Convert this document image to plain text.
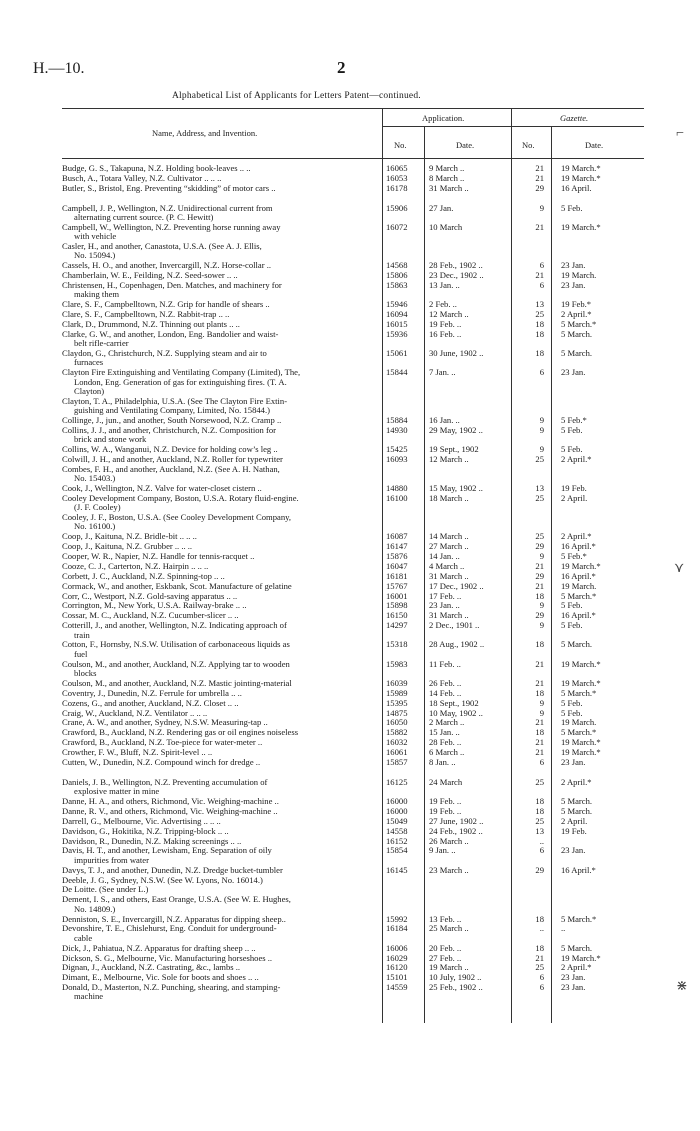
H.—10.	2
Alphabetical List of Applicants for Letters Patent—continued.
Name, Address, and Invention.
Application.	Gazette.
No.	Date.	No.	Date.
Budge, G. S., Takapuna, N.Z. Holding book-leaves .. ..	16065	9 March ..	21 19 March.*
Busch, A., Totara Valley, N.Z. Cultivator .. .. ..	16053	8 March ..	21 19 March.*
Butler, S., Bristol, Eng. Preventing “skidding” of motor cars ..	16178	31 March ..	29 16 April.
Campbell, J. P., Wellington, N.Z. Unidirectional current from
alternating current source. (P. C. Hewitt)
15906	27 Jan.	9 5 Feb.
Campbell, W., Wellington, N.Z. Preventing horse running away
with vehicle
16072	10 March	21 19 March.*
Casler, H., and another, Canastota, U.S.A. (See A. J. Ellis,
No. 15094.)
Cassels, H. O., and another, Invercargill, N.Z. Horse-collar ..	14568	28 Feb., 1902 ..	6 23 Jan.
Chamberlain, W. E., Feilding, N.Z. Seed-sower .. ..	15806	23 Dec., 1902 ..	21 19 March.
Christensen, H., Copenhagen, Den. Matches, and machinery for
making them
15863	13 Jan. ..	6 23 Jan.
Clare, S. F., Campbelltown, N.Z. Grip for handle of shears ..	15946	2 Feb. ..	13 19 Feb.*
Clare, S. F., Campbelltown, N.Z. Rabbit-trap .. ..	16094	12 March ..	25 2 April.*
Clark, D., Drummond, N.Z. Thinning out plants .. ..	16015	19 Feb. ..	18 5 March.*
Clarke, G. W., and another, London, Eng. Bandolier and waist-
belt rifle-carrier
15936	16 Feb. ..	18 5 March.
Claydon, G., Christchurch, N.Z. Supplying steam and air to
furnaces
15061	30 June, 1902 ..	18 5 March.
Clayton Fire Extinguishing and Ventilating Company (Limited), The,
London, Eng. Generation of gas for extinguishing fires. (T. A.
Clayton)
15844	7 Jan. ..	6 23 Jan.
Clayton, T. A., Philadelphia, U.S.A. (See The Clayton Fire Extin-
guishing and Ventilating Company, Limited, No. 15844.)
Collinge, J., jun., and another, South Norsewood, N.Z. Cramp ..	15884	16 Jan. ..	9 5 Feb.*
Collins, J. J., and another, Christchurch, N.Z. Composition for
brick and stone work
14930	29 May, 1902 ..	9 5 Feb.
Collins, W. A., Wanganui, N.Z. Device for holding cow’s leg ..	15425	19 Sept., 1902	9 5 Feb.
Colwill, J. H., and another, Auckland, N.Z. Roller for typewriter	16093	12 March ..	25 2 April.*
Combes, F. H., and another, Auckland, N.Z. (See A. H. Nathan,
No. 15403.)
Cook, J., Wellington, N.Z. Valve for water-closet cistern ..	14880	15 May, 1902 ..	13 19 Feb.
Cooley Development Company, Boston, U.S.A. Rotary fluid-engine.
(J. F. Cooley)
16100	18 March ..	25 2 April.
Cooley, J. F., Boston, U.S.A. (See Cooley Development Company,
No. 16100.)
Coop, J., Kaituna, N.Z. Bridle-bit .. .. ..	16087	14 March ..	25 2 April.*
Coop, J., Kaituna, N.Z. Grubber .. .. ..	16147	27 March ..	29 16 April.*
Cooper, W. R., Napier, N.Z. Handle for tennis-racquet ..	15876	14 Jan. ..	9 5 Feb.*
Cooze, C. J., Carterton, N.Z. Hairpin .. .. ..	16047	4 March ..	21 19 March.*
Corbett, J. C., Auckland, N.Z. Spinning-top .. ..	16181	31 March ..	29 16 April.*
Cormack, W., and another, Eskbank, Scot. Manufacture of gelatine	15767	17 Dec., 1902 ..	21 19 March.
Corr, C., Westport, N.Z. Gold-saving apparatus .. ..	16001	17 Feb. ..	18 5 March.*
Corrington, M., New York, U.S.A. Railway-brake .. ..	15898	23 Jan. ..	9 5 Feb.
Cossar, M. C., Auckland, N.Z. Cucumber-slicer .. ..	16150	31 March ..	29 16 April.*
Cotterill, J., and another, Wellington, N.Z. Indicating approach of
train
14297	2 Dec., 1901 ..	9 5 Feb.
Cotton, F., Hornsby, N.S.W. Utilisation of carbonaceous liquids as
fuel
15318	28 Aug., 1902 ..	18 5 March.
Coulson, M., and another, Auckland, N.Z. Applying tar to wooden
blocks
15983	11 Feb. ..	21 19 March.*
Coulson, M., and another, Auckland, N.Z. Mastic jointing-material	16039	26 Feb. ..	21 19 March.*
Coventry, J., Dunedin, N.Z. Ferrule for umbrella .. ..	15989	14 Feb. ..	18 5 March.*
Cozens, G., and another, Auckland, N.Z. Closet .. ..	15395	18 Sept., 1902	9 5 Feb.
Craig, W., Auckland, N.Z. Ventilator .. .. ..	14875	10 May, 1902 ..	9 5 Feb.
Crane, A. W., and another, Sydney, N.S.W. Measuring-tap ..	16050	2 March ..	21 19 March.
Crawford, B., Auckland, N.Z. Rendering gas or oil engines noiseless	15882	15 Jan. ..	18 5 March.*
Crawford, B., Auckland, N.Z. Toe-piece for water-meter ..	16032	28 Feb. ..	21 19 March.*
Crowther, F. W., Bluff, N.Z. Spirit-level .. ..	16061	6 March ..	21 19 March.*
Cutten, W., Dunedin, N.Z. Compound winch for dredge ..	15857	8 Jan. ..	6 23 Jan.
Daniels, J. B., Wellington, N.Z. Preventing accumulation of
explosive matter in mine
16125	24 March	25 2 April.*
Danne, H. A., and others, Richmond, Vic. Weighing-machine ..	16000	19 Feb. ..	18 5 March.
Danne, R. V., and others, Richmond, Vic. Weighing-machine ..	16000	19 Feb. ..	18 5 March.
Darrell, G., Melbourne, Vic. Advertising .. .. ..	15049	27 June, 1902 ..	25 2 April.
Davidson, G., Hokitika, N.Z. Tripping-block .. ..	14558	24 Feb., 1902 ..	13 19 Feb.
Davidson, R., Dunedin, N.Z. Making screenings .. ..	16152	26 March ..	..
Davis, H. T., and another, Lewisham, Eng. Separation of oily
impurities from water
15854	9 Jan. ..	6 23 Jan.
Davys, T. J., and another, Dunedin, N.Z. Dredge bucket-tumbler	16145	23 March ..	29 16 April.*
Deeble, J. G., Sydney, N.S.W. (See W. Lyons, No. 16014.)
De Loitte. (See under L.)
Dement, I. S., and others, East Orange, U.S.A. (See W. E. Hughes,
No. 14809.)
Denniston, S. E., Invercargill, N.Z. Apparatus for dipping sheep..	15992	13 Feb. ..	18 5 March.*
Devonshire, T. E., Chislehurst, Eng. Conduit for underground-
cable
16184	25 March ..	.. ..
Dick, J., Pahiatua, N.Z. Apparatus for drafting sheep .. ..	16006	20 Feb. ..	18 5 March.
Dickson, S. G., Melbourne, Vic. Manufacturing horseshoes ..	16029	27 Feb. ..	21 19 March.*
Dignan, J., Auckland, N.Z. Castrating, &c., lambs ..	16120	19 March ..	25 2 April.*
Dimant, E., Melbourne, Vic. Sole for boots and shoes .. ..	15101	10 July, 1902 ..	6 23 Jan.
Donald, D., Masterton, N.Z. Punching, shearing, and stamping-
machine
14559	25 Feb., 1902 ..	6 23 Jan.
⌐
⋎
⋇
